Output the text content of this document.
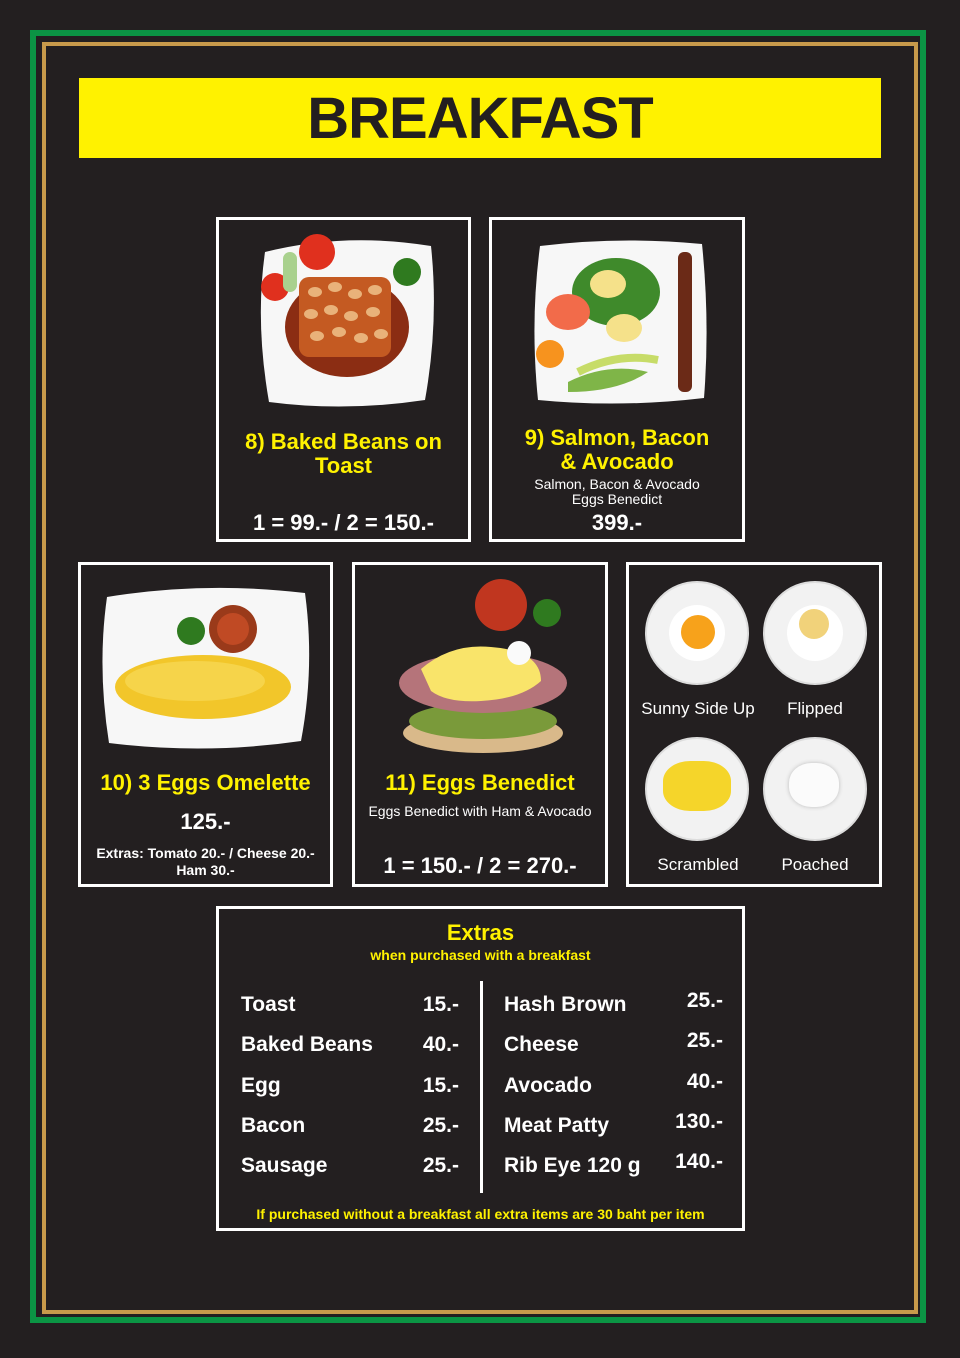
BREAKFAST
8) Baked Beans on Toast
1 = 99.- / 2 = 150.-
9) Salmon, Bacon
& Avocado
Salmon, Bacon & Avocado
Eggs Benedict
399.-
10) 3 Eggs Omelette
125.-
Extras: Tomato 20.- / Cheese 20.-
Ham 30.-
11) Eggs Benedict
Eggs Benedict with Ham & Avocado
1 = 150.- / 2 = 270.-
Sunny Side Up	Flipped
Scrambled	Poached
Extras
when purchased with a breakfast
Toast	15.-
Baked Beans	40.-
Egg	15.-
Bacon	25.-
Sausage	25.-
Hash Brown	25.-
Cheese	25.-
Avocado	40.-
Meat Patty	130.-
Rib Eye 120 g	140.-
If purchased without a breakfast all extra items are 30 baht per item
